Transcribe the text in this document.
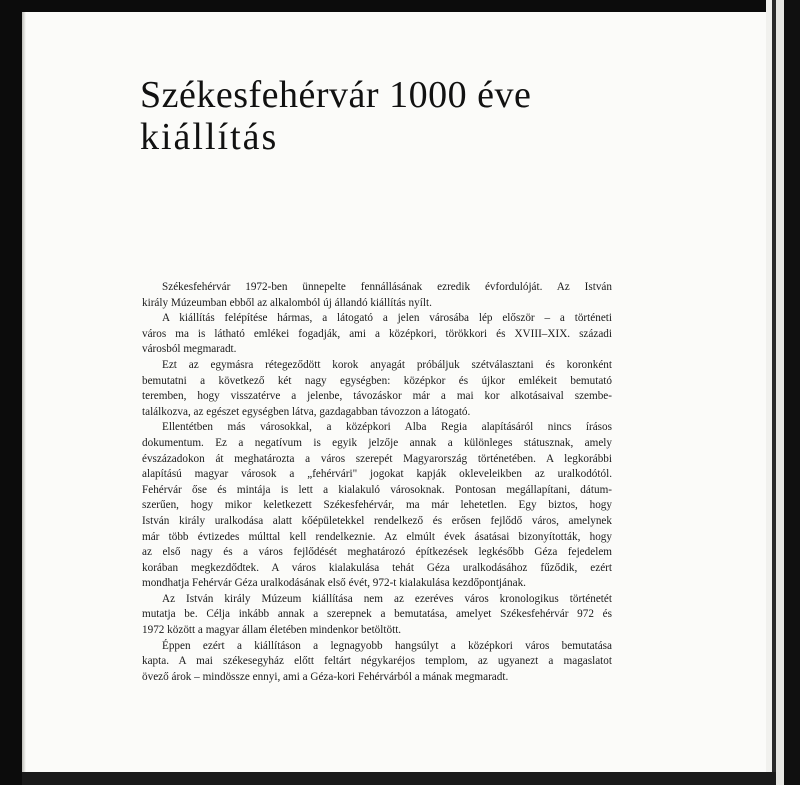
Székesfehérvár 1000 éve
kiállítás

Székesfehérvár 1972-ben ünnepelte fennállásának ezredik évfordulóját. Az István
király Múzeumban ebből az alkalomból új állandó kiállítás nyílt.

A kiállítás felépítése hármas, a látogató a jelen városába lép először – a történeti
város ma is látható emlékei fogadják, ami a középkori, törökkori és XVIII–XIX. századi
városból megmaradt.

Ezt az egymásra rétegeződött korok anyagát próbáljuk szétválasztani és koronként
bemutatni a következő két nagy egységben: középkor és újkor emlékeit bemutató
teremben, hogy visszatérve a jelenbe, távozáskor már a mai kor alkotásaival szembe-
találkozva, az egészet egységben látva, gazdagabban távozzon a látogató.

Ellentétben más városokkal, a középkori Alba Regia alapításáról nincs írásos
dokumentum. Ez a negatívum is egyik jelzője annak a különleges státusznak, amely
évszázadokon át meghatározta a város szerepét Magyarország történetében. A legkorábbi
alapítású magyar városok a „fehérvári" jogokat kapják okleveleikben az uralkodótól.
Fehérvár őse és mintája is lett a kialakuló városoknak. Pontosan megállapítani, dátum-
szerűen, hogy mikor keletkezett Székesfehérvár, ma már lehetetlen. Egy biztos, hogy
István király uralkodása alatt kőépületekkel rendelkező és erősen fejlődő város, amelynek
már több évtizedes múlttal kell rendelkeznie. Az elmúlt évek ásatásai bizonyították, hogy
az első nagy és a város fejlődését meghatározó építkezések legkésőbb Géza fejedelem
korában megkezdődtek. A város kialakulása tehát Géza uralkodásához fűződik, ezért
mondhatja Fehérvár Géza uralkodásának első évét, 972-t kialakulása kezdőpontjának.

Az István király Múzeum kiállítása nem az ezeréves város kronologikus történetét
mutatja be. Célja inkább annak a szerepnek a bemutatása, amelyet Székesfehérvár 972 és
1972 között a magyar állam életében mindenkor betöltött.

Éppen ezért a kiállításon a legnagyobb hangsúlyt a középkori város bemutatása
kapta. A mai székesegyház előtt feltárt négykaréjos templom, az ugyanezt a magaslatot
övező árok – mindössze ennyi, ami a Géza-kori Fehérvárból a mának megmaradt.
